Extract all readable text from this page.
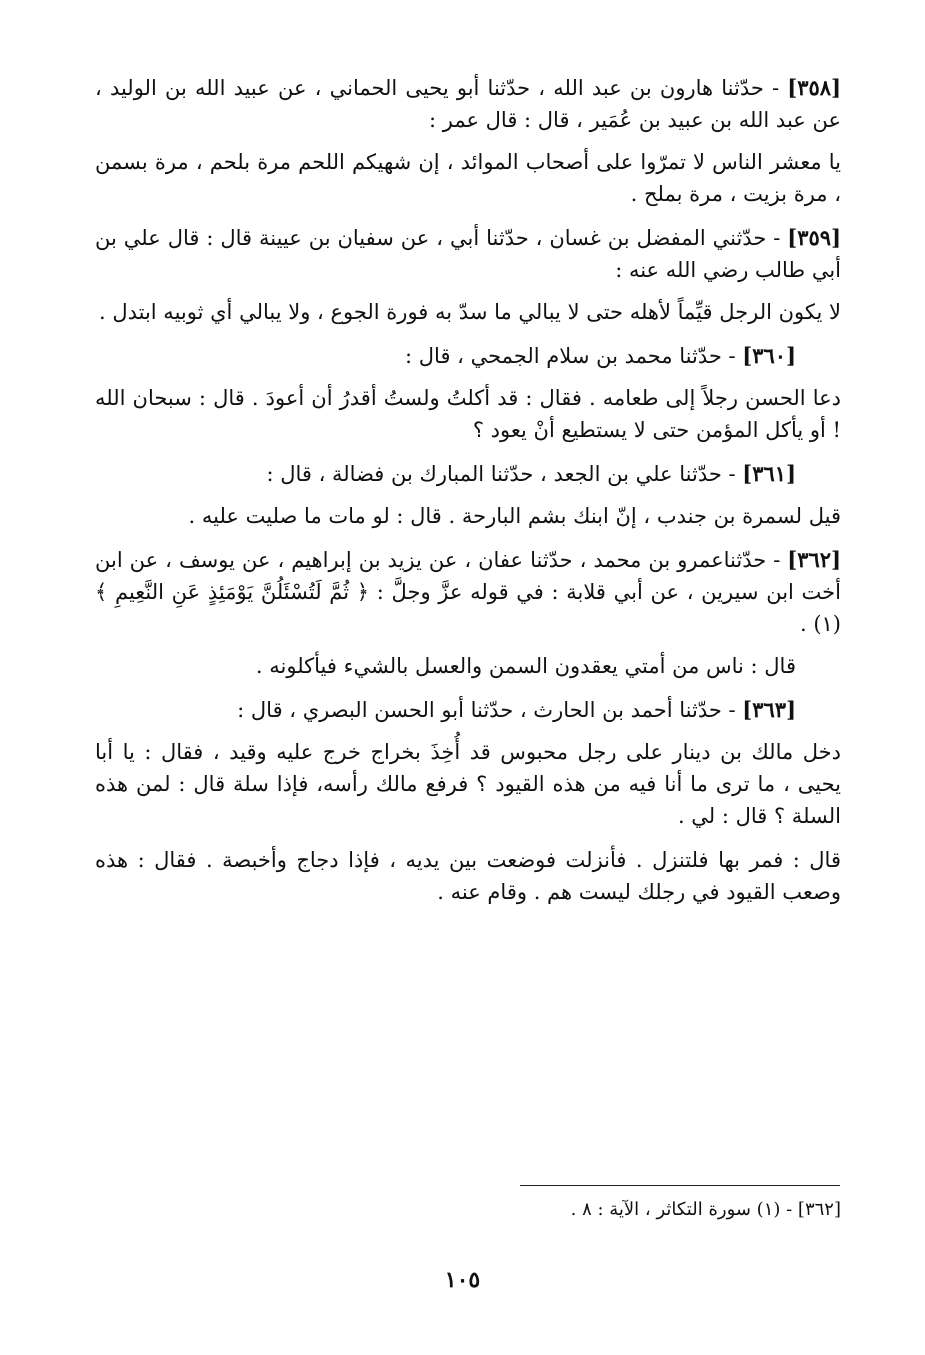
[٣٥٨] - حدّثنا هارون بن عبد الله ، حدّثنا أبو يحيى الحماني ، عن عبيد الله بن الوليد ، عن عبد الله بن عبيد بن عُمَير ، قال : قال عمر :

يا معشر الناس لا تمرّوا على أصحاب الموائد ، إن شهيكم اللحم مرة بلحم ، مرة بسمن ، مرة بزيت ، مرة بملح .

[٣٥٩] - حدّثني المفضل بن غسان ، حدّثنا أبي ، عن سفيان بن عيينة قال : قال علي بن أبي طالب رضي الله عنه :

لا يكون الرجل قيِّماً لأهله حتى لا يبالي ما سدّ به فورة الجوع ، ولا يبالي أي ثوبيه ابتدل .

[٣٦٠] - حدّثنا محمد بن سلام الجمحي ، قال :

دعا الحسن رجلاً إلى طعامه . فقال : قد أكلتُ ولستُ أقدرُ أن أعودَ . قال : سبحان الله ! أو يأكل المؤمن حتى لا يستطيع أنْ يعود ؟

[٣٦١] - حدّثنا علي بن الجعد ، حدّثنا المبارك بن فضالة ، قال :

قيل لسمرة بن جندب ، إنّ ابنك بشم البارحة . قال : لو مات ما صليت عليه .

[٣٦٢] - حدّثناعمرو بن محمد ، حدّثنا عفان ، عن يزيد بن إبراهيم ، عن يوسف ، عن ابن أخت ابن سيرين ، عن أبي قلابة : في قوله عزَّ وجلَّ : ﴿ ثُمَّ لَتُسْئَلُنَّ يَوْمَئِذٍ عَنِ النَّعِيمِ ﴾ (١) .

قال : ناس من أمتي يعقدون السمن والعسل بالشيء فيأكلونه .

[٣٦٣] - حدّثنا أحمد بن الحارث ، حدّثنا أبو الحسن البصري ، قال :

دخل مالك بن دينار على رجل محبوس قد أُخِذَ بخراج خرج عليه وقيد ، فقال : يا أبا يحيى ، ما ترى ما أنا فيه من هذه القيود ؟ فرفع مالك رأسه، فإذا سلة قال : لمن هذه السلة ؟ قال : لي .

قال : فمر بها فلتنزل . فأنزلت فوضعت بين يديه ، فإذا دجاج وأخبصة . فقال : هذه وصعب القيود في رجلك ليست هم . وقام عنه .

[٣٦٢] - (١) سورة التكاثر ، الآية : ٨ .
١٠٥
